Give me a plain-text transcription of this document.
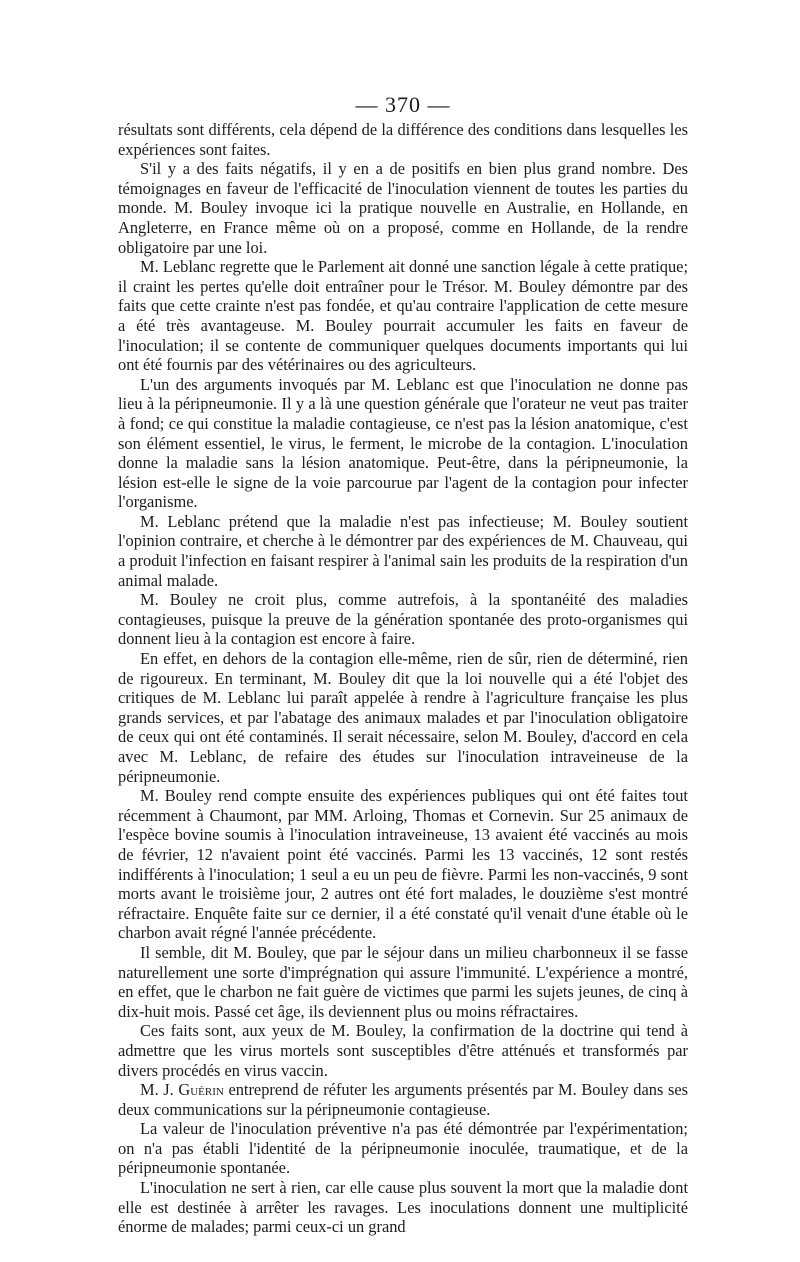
— 370 —

résultats sont différents, cela dépend de la différence des conditions dans lesquelles les expériences sont faites.

S'il y a des faits négatifs, il y en a de positifs en bien plus grand nombre. Des témoignages en faveur de l'efficacité de l'inoculation viennent de toutes les parties du monde. M. Bouley invoque ici la pratique nouvelle en Australie, en Hollande, en Angleterre, en France même où on a proposé, comme en Hollande, de la rendre obligatoire par une loi.

M. Leblanc regrette que le Parlement ait donné une sanction légale à cette pratique; il craint les pertes qu'elle doit entraîner pour le Trésor. M. Bouley démontre par des faits que cette crainte n'est pas fondée, et qu'au contraire l'application de cette mesure a été très avantageuse. M. Bouley pourrait accumuler les faits en faveur de l'inoculation; il se contente de communiquer quelques documents importants qui lui ont été fournis par des vétérinaires ou des agriculteurs.

L'un des arguments invoqués par M. Leblanc est que l'inoculation ne donne pas lieu à la péripneumonie. Il y a là une question générale que l'orateur ne veut pas traiter à fond; ce qui constitue la maladie contagieuse, ce n'est pas la lésion anatomique, c'est son élément essentiel, le virus, le ferment, le microbe de la contagion. L'inoculation donne la maladie sans la lésion anatomique. Peut-être, dans la péripneumonie, la lésion est-elle le signe de la voie parcourue par l'agent de la contagion pour infecter l'organisme.

M. Leblanc prétend que la maladie n'est pas infectieuse; M. Bouley soutient l'opinion contraire, et cherche à le démontrer par des expériences de M. Chauveau, qui a produit l'infection en faisant respirer à l'animal sain les produits de la respiration d'un animal malade.

M. Bouley ne croit plus, comme autrefois, à la spontanéité des maladies contagieuses, puisque la preuve de la génération spontanée des proto-organismes qui donnent lieu à la contagion est encore à faire.

En effet, en dehors de la contagion elle-même, rien de sûr, rien de déterminé, rien de rigoureux. En terminant, M. Bouley dit que la loi nouvelle qui a été l'objet des critiques de M. Leblanc lui paraît appelée à rendre à l'agriculture française les plus grands services, et par l'abatage des animaux malades et par l'inoculation obligatoire de ceux qui ont été contaminés. Il serait nécessaire, selon M. Bouley, d'accord en cela avec M. Leblanc, de refaire des études sur l'inoculation intraveineuse de la péripneumonie.

M. Bouley rend compte ensuite des expériences publiques qui ont été faites tout récemment à Chaumont, par MM. Arloing, Thomas et Cornevin. Sur 25 animaux de l'espèce bovine soumis à l'inoculation intraveineuse, 13 avaient été vaccinés au mois de février, 12 n'avaient point été vaccinés. Parmi les 13 vaccinés, 12 sont restés indifférents à l'inoculation; 1 seul a eu un peu de fièvre. Parmi les non-vaccinés, 9 sont morts avant le troisième jour, 2 autres ont été fort malades, le douzième s'est montré réfractaire. Enquête faite sur ce dernier, il a été constaté qu'il venait d'une étable où le charbon avait régné l'année précédente.

Il semble, dit M. Bouley, que par le séjour dans un milieu charbonneux il se fasse naturellement une sorte d'imprégnation qui assure l'immunité. L'expérience a montré, en effet, que le charbon ne fait guère de victimes que parmi les sujets jeunes, de cinq à dix-huit mois. Passé cet âge, ils deviennent plus ou moins réfractaires.

Ces faits sont, aux yeux de M. Bouley, la confirmation de la doctrine qui tend à admettre que les virus mortels sont susceptibles d'être atténués et transformés par divers procédés en virus vaccin.

M. J. Guérin entreprend de réfuter les arguments présentés par M. Bouley dans ses deux communications sur la péripneumonie contagieuse.

La valeur de l'inoculation préventive n'a pas été démontrée par l'expérimentation; on n'a pas établi l'identité de la péripneumonie inoculée, traumatique, et de la péripneumonie spontanée.

L'inoculation ne sert à rien, car elle cause plus souvent la mort que la maladie dont elle est destinée à arrêter les ravages. Les inoculations donnent une multiplicité énorme de malades; parmi ceux-ci un grand
